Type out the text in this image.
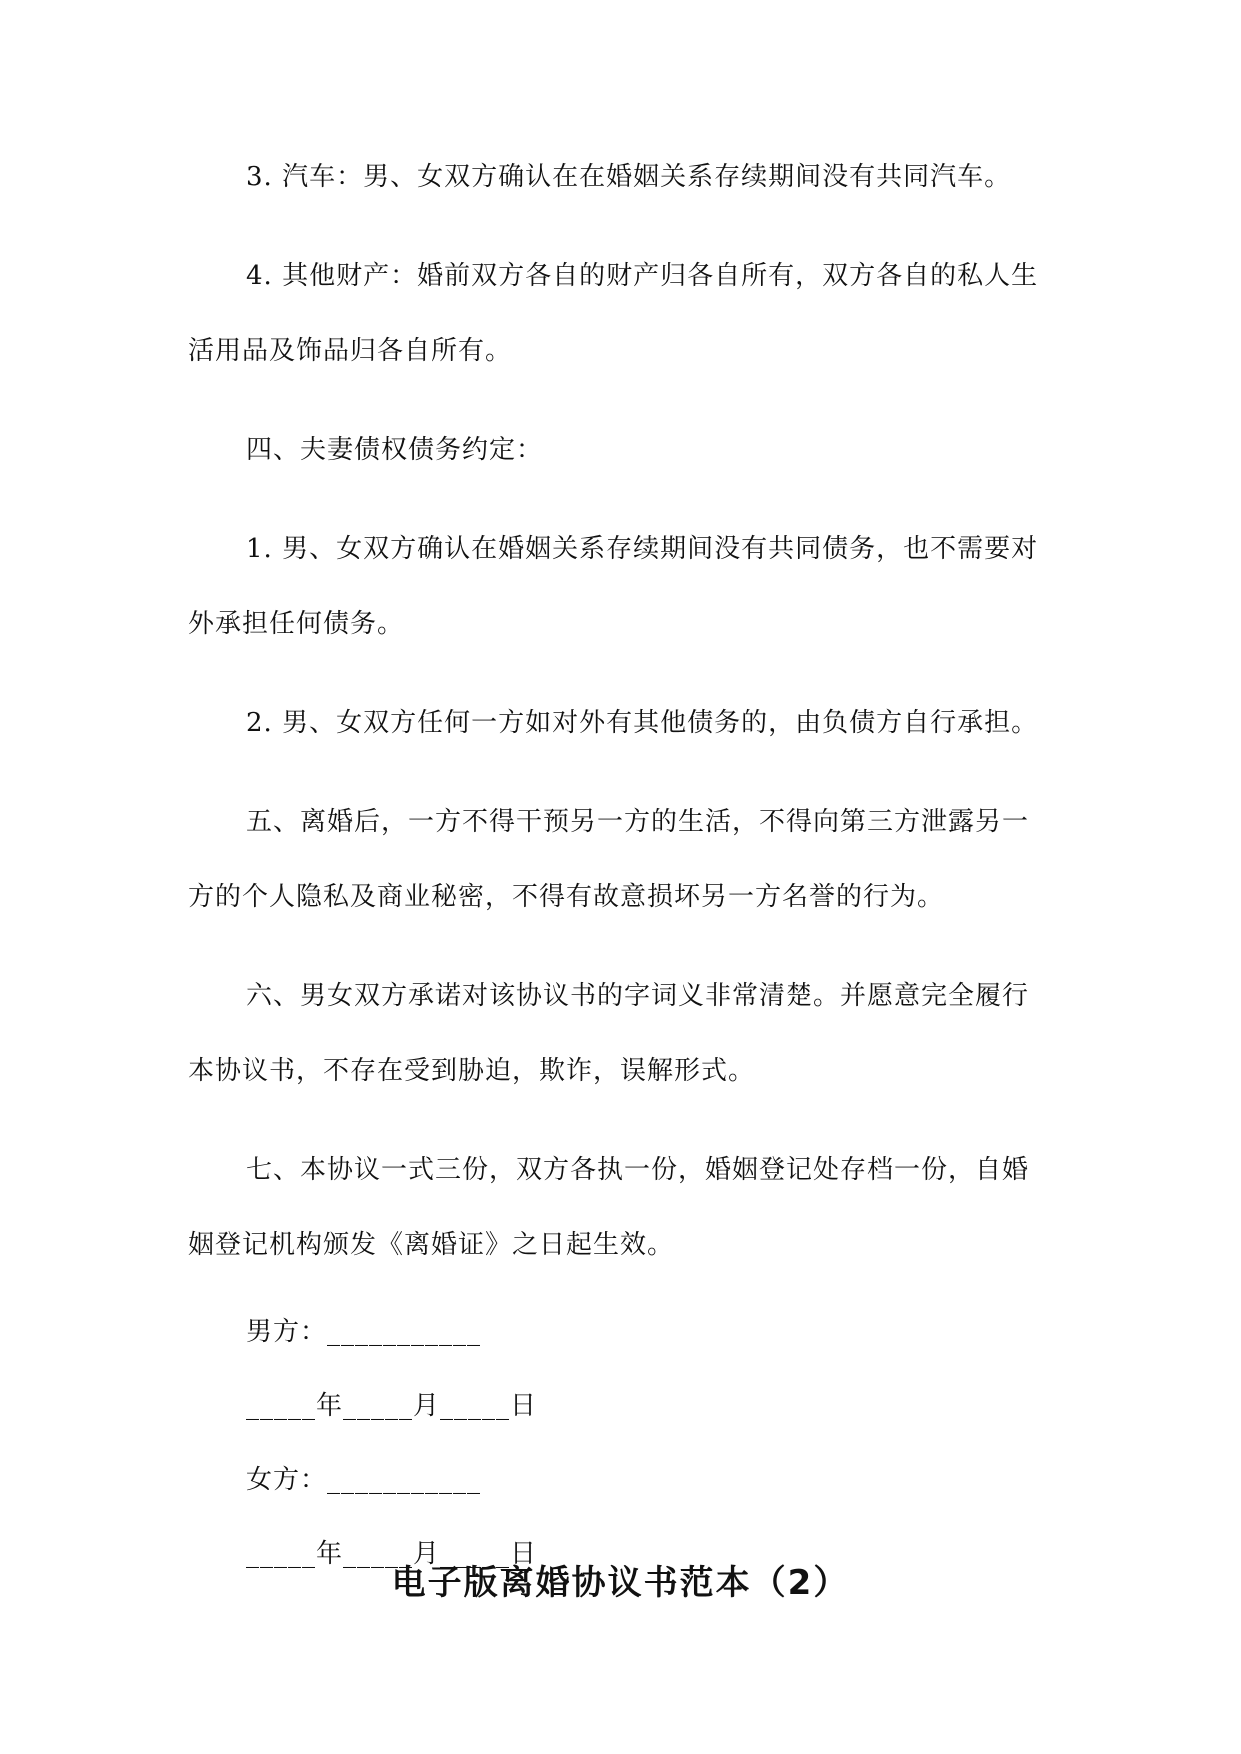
3. 汽车：男、女双方确认在在婚姻关系存续期间没有共同汽车。

4. 其他财产：婚前双方各自的财产归各自所有，双方各自的私人生活用品及饰品归各自所有。

四、夫妻债权债务约定：

1. 男、女双方确认在婚姻关系存续期间没有共同债务，也不需要对外承担任何债务。

2. 男、女双方任何一方如对外有其他债务的，由负债方自行承担。

五、离婚后，一方不得干预另一方的生活，不得向第三方泄露另一方的个人隐私及商业秘密，不得有故意损坏另一方名誉的行为。

六、男女双方承诺对该协议书的字词义非常清楚。并愿意完全履行本协议书，不存在受到胁迫，欺诈，误解形式。

七、本协议一式三份，双方各执一份，婚姻登记处存档一份，自婚姻登记机构颁发《离婚证》之日起生效。

男方：___________

_____年_____月_____日

女方：___________

_____年_____月_____日

电子版离婚协议书范本（2）
